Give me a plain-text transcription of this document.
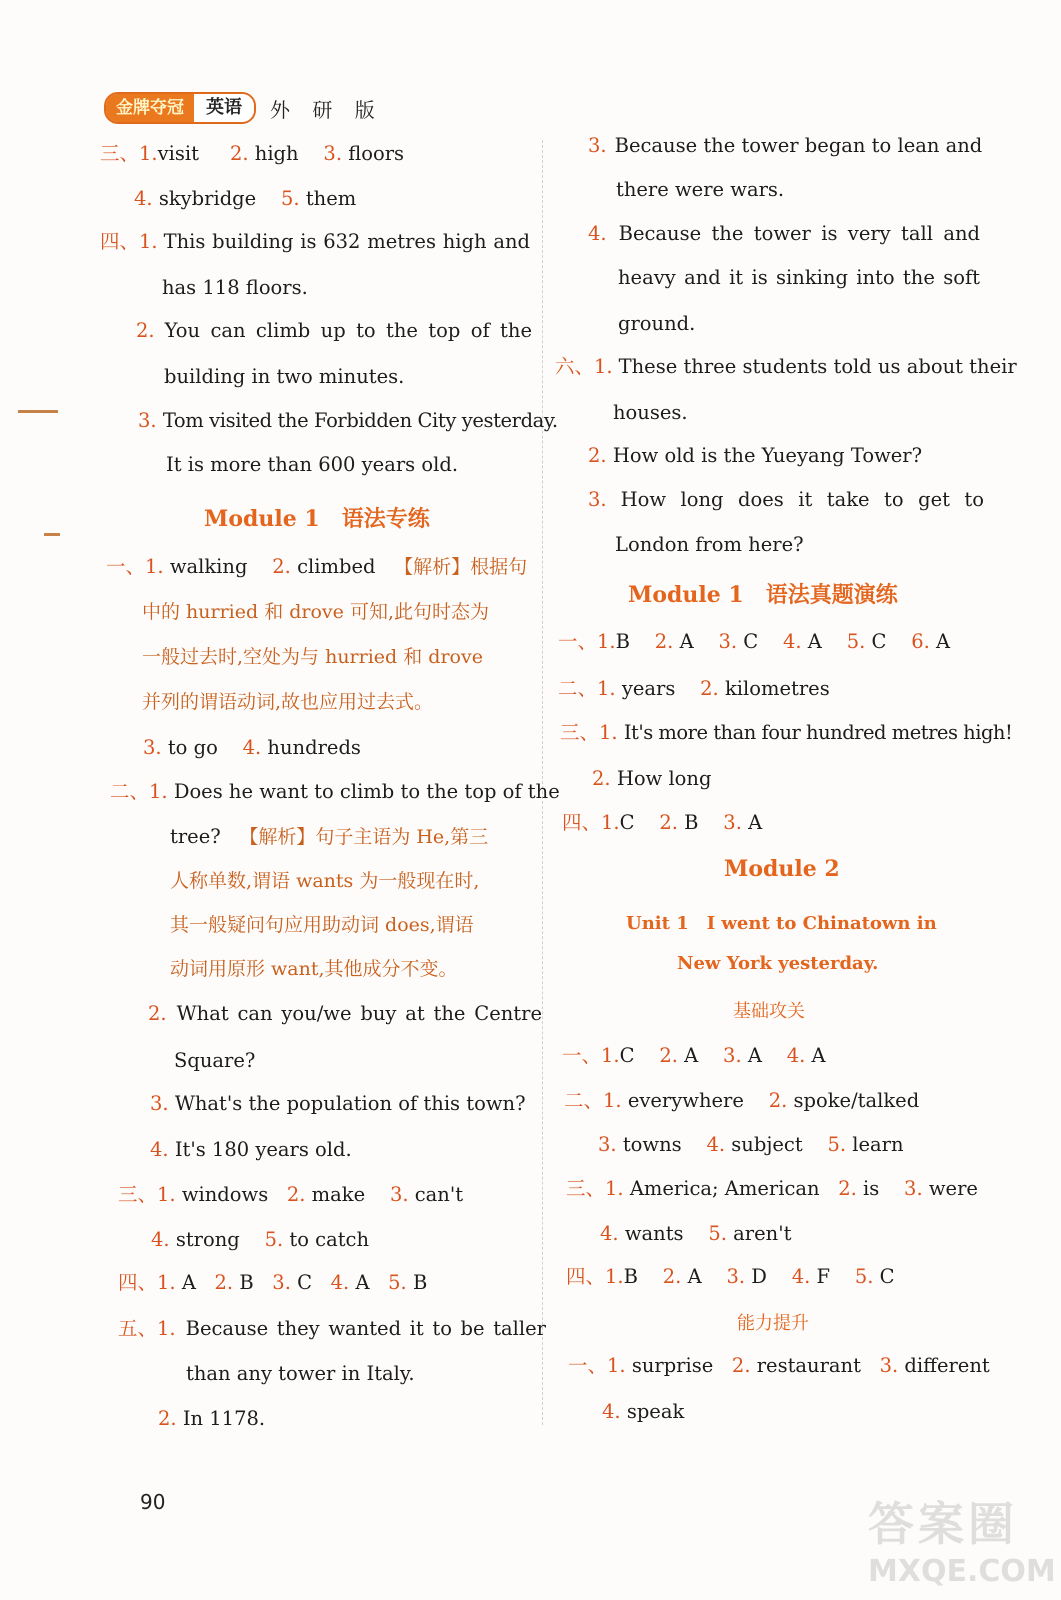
金牌夺冠	英语	外 研 版
三、1.visit 2. high 3. floors
4. skybridge 5. them
四、1. This building is 632 metres high and
has 118 floors.
2. You can climb up to the top of the
building in two minutes.
3. Tom visited the Forbidden City yesterday.
It is more than 600 years old.
Module 1　语法专练
一、1. walking 2. climbed 【解析】根据句
中的 hurried 和 drove 可知,此句时态为
一般过去时,空处为与 hurried 和 drove
并列的谓语动词,故也应用过去式。
3. to go 4. hundreds
二、1. Does he want to climb to the top of the
tree? 【解析】句子主语为 He,第三
人称单数,谓语 wants 为一般现在时,
其一般疑问句应用助动词 does,谓语
动词用原形 want,其他成分不变。
2. What can you/we buy at the Centre
Square?
3. What's the population of this town?
4. It's 180 years old.
三、1. windows 2. make 3. can't
4. strong 5. to catch
四、1. A 2. B 3. C 4. A 5. B
五、1. Because they wanted it to be taller
than any tower in Italy.
2. In 1178.
3. Because the tower began to lean and
there were wars.
4. Because the tower is very tall and
heavy and it is sinking into the soft
ground.
六、1. These three students told us about their
houses.
2. How old is the Yueyang Tower?
3. How long does it take to get to
London from here?
Module 1　语法真题演练
一、1.B 2. A 3. C 4. A 5. C 6. A
二、1. years 2. kilometres
三、1. It's more than four hundred metres high!
2. How long
四、1.C 2. B 3. A
Module 2
Unit 1　I went to Chinatown in
New York yesterday.
基础攻关
一、1.C 2. A 3. A 4. A
二、1. everywhere 2. spoke/talked
3. towns 4. subject 5. learn
三、1. America; American 2. is 3. were
4. wants 5. aren't
四、1.B 2. A 3. D 4. F 5. C
能力提升
一、1. surprise 2. restaurant 3. different
4. speak
90	答案圈
MXQE.COM
